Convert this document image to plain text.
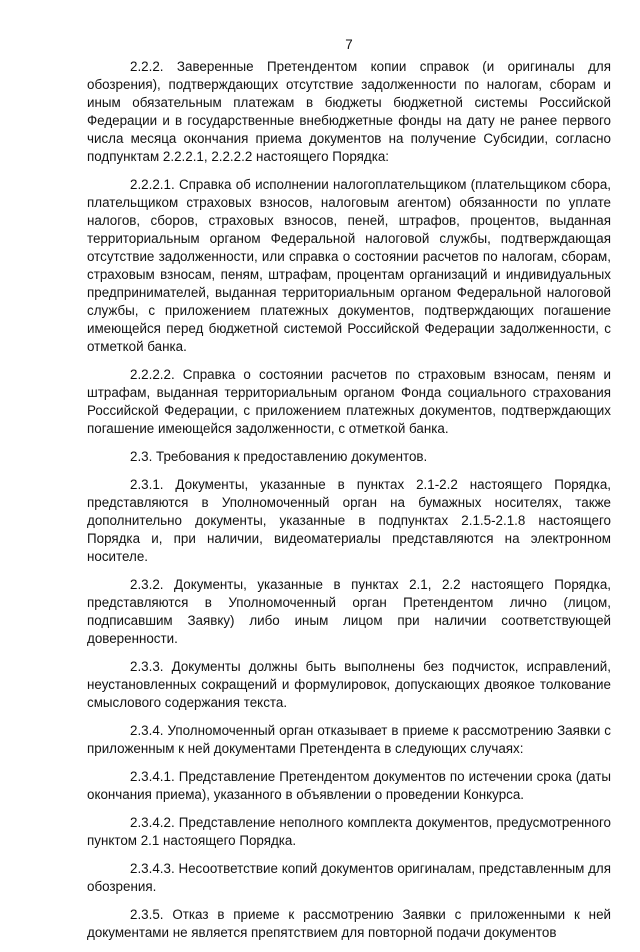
7

2.2.2. Заверенные Претендентом копии справок (и оригиналы для обозрения), подтверждающих отсутствие задолженности по налогам, сборам и иным обязательным платежам в бюджеты бюджетной системы Российской Федерации и в государственные внебюджетные фонды на дату не ранее первого числа месяца окончания приема документов на получение Субсидии, согласно подпунктам 2.2.2.1, 2.2.2.2 настоящего Порядка:

2.2.2.1. Справка об исполнении налогоплательщиком (плательщиком сбора, плательщиком страховых взносов, налоговым агентом) обязанности по уплате налогов, сборов, страховых взносов, пеней, штрафов, процентов, выданная территориальным органом Федеральной налоговой службы, подтверждающая отсутствие задолженности, или справка о состоянии расчетов по налогам, сборам, страховым взносам, пеням, штрафам, процентам организаций и индивидуальных предпринимателей, выданная территориальным органом Федеральной налоговой службы, с приложением платежных документов, подтверждающих погашение имеющейся перед бюджетной системой Российской Федерации задолженности, с отметкой банка.

2.2.2.2. Справка о состоянии расчетов по страховым взносам, пеням и штрафам, выданная территориальным органом Фонда социального страхования Российской Федерации, с приложением платежных документов, подтверждающих погашение имеющейся задолженности, с отметкой банка.

2.3. Требования к предоставлению документов.

2.3.1. Документы, указанные в пунктах 2.1-2.2 настоящего Порядка, представляются в Уполномоченный орган на бумажных носителях, также дополнительно документы, указанные в подпунктах 2.1.5-2.1.8 настоящего Порядка и, при наличии, видеоматериалы представляются на электронном носителе.

2.3.2. Документы, указанные в пунктах 2.1, 2.2 настоящего Порядка, представляются в Уполномоченный орган Претендентом лично (лицом, подписавшим Заявку) либо иным лицом при наличии соответствующей доверенности.

2.3.3. Документы должны быть выполнены без подчисток, исправлений, неустановленных сокращений и формулировок, допускающих двоякое толкование смыслового содержания текста.

2.3.4. Уполномоченный орган отказывает в приеме к рассмотрению Заявки с приложенным к ней документами Претендента в следующих случаях:

2.3.4.1. Представление Претендентом документов по истечении срока (даты окончания приема), указанного в объявлении о проведении Конкурса.

2.3.4.2. Представление неполного комплекта документов, предусмотренного пунктом 2.1 настоящего Порядка.

2.3.4.3. Несоответствие копий документов оригиналам, представленным для обозрения.

2.3.5. Отказ в приеме к рассмотрению Заявки с приложенными к ней документами не является препятствием для повторной подачи документов
